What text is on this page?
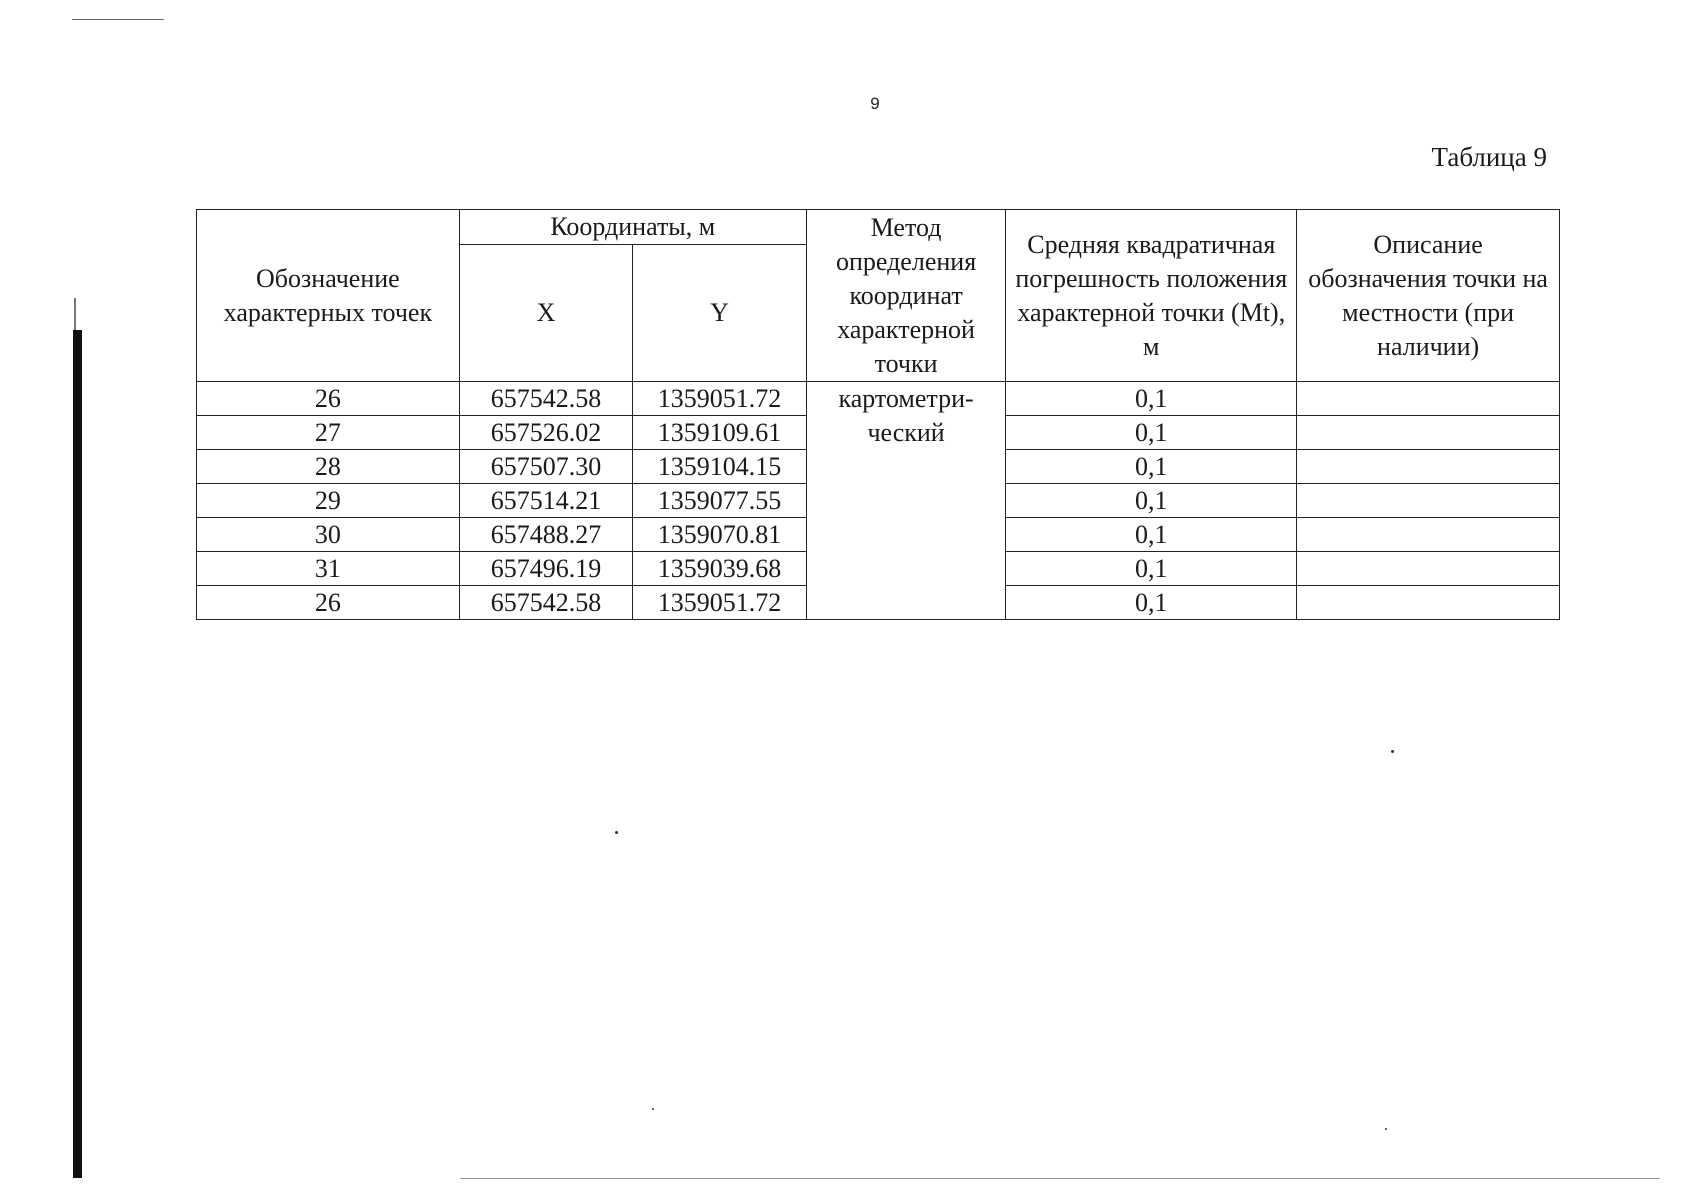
9
Таблица 9
Обозначение характерных точек	Координаты, м		Метод определения координат характерной точки	Средняя квадратичная погрешность положения характерной точки (Mt), м	Описание обозначения точки на местности (при наличии)
	X	Y			
26	657542.58	1359051.72	картометри-ческий	0,1	
27	657526.02	1359109.61		0,1	
28	657507.30	1359104.15		0,1	
29	657514.21	1359077.55		0,1	
30	657488.27	1359070.81		0,1	
31	657496.19	1359039.68		0,1	
26	657542.58	1359051.72		0,1	
